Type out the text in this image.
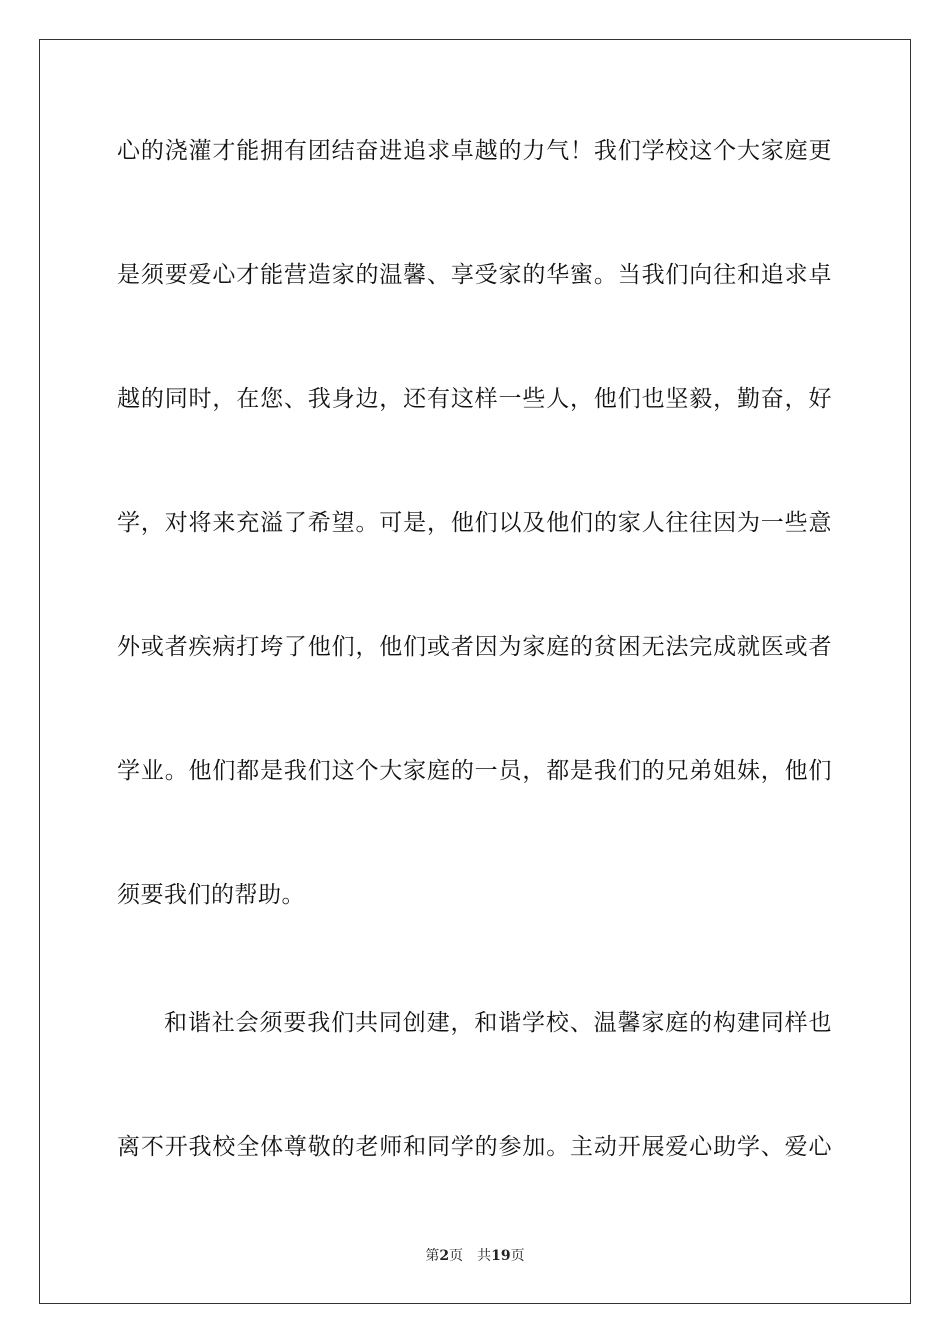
心的浇灌才能拥有团结奋进追求卓越的力气！我们学校这个大家庭更
是须要爱心才能营造家的温馨、享受家的华蜜。当我们向往和追求卓
越的同时，在您、我身边，还有这样一些人，他们也坚毅，勤奋，好
学，对将来充溢了希望。可是，他们以及他们的家人往往因为一些意
外或者疾病打垮了他们，他们或者因为家庭的贫困无法完成就医或者
学业。他们都是我们这个大家庭的一员，都是我们的兄弟姐妹，他们
须要我们的帮助。
和谐社会须要我们共同创建，和谐学校、温馨家庭的构建同样也
离不开我校全体尊敬的老师和同学的参加。主动开展爱心助学、爱心
第2页 共19页
